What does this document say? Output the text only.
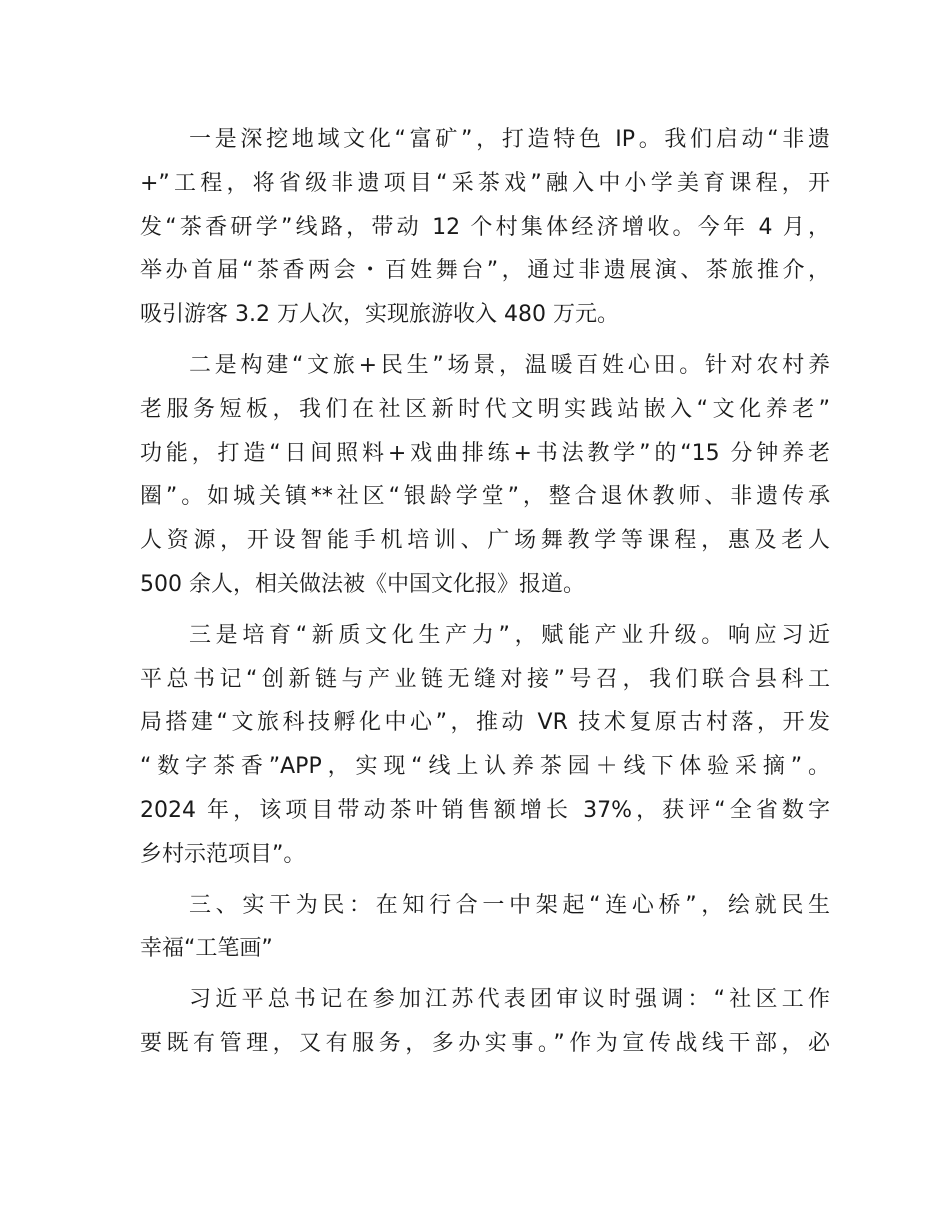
一是深挖地域文化“富矿”，打造特色 IP。我们启动“非遗
+”工程，将省级非遗项目“采茶戏”融入中小学美育课程，开
发“茶香研学”线路，带动 12 个村集体经济增收。今年 4 月，
举办首届“茶香两会・百姓舞台”，通过非遗展演、茶旅推介，
吸引游客 3.2 万人次，实现旅游收入 480 万元。
二是构建“文旅+民生”场景，温暖百姓心田。针对农村养
老服务短板，我们在社区新时代文明实践站嵌入“文化养老”
功能，打造“日间照料+戏曲排练+书法教学”的“15 分钟养老
圈”。如城关镇**社区“银龄学堂”，整合退休教师、非遗传承
人资源，开设智能手机培训、广场舞教学等课程，惠及老人
500 余人，相关做法被《中国文化报》报道。
三是培育“新质文化生产力”，赋能产业升级。响应习近
平总书记“创新链与产业链无缝对接”号召，我们联合县科工
局搭建“文旅科技孵化中心”，推动 VR 技术复原古村落，开发
“数字茶香”APP，实现“线上认养茶园＋线下体验采摘”。
2024 年，该项目带动茶叶销售额增长 37%，获评“全省数字
乡村示范项目”。
三、实干为民：在知行合一中架起“连心桥”，绘就民生
幸福“工笔画”
习近平总书记在参加江苏代表团审议时强调：“社区工作
要既有管理，又有服务，多办实事。”作为宣传战线干部，必
